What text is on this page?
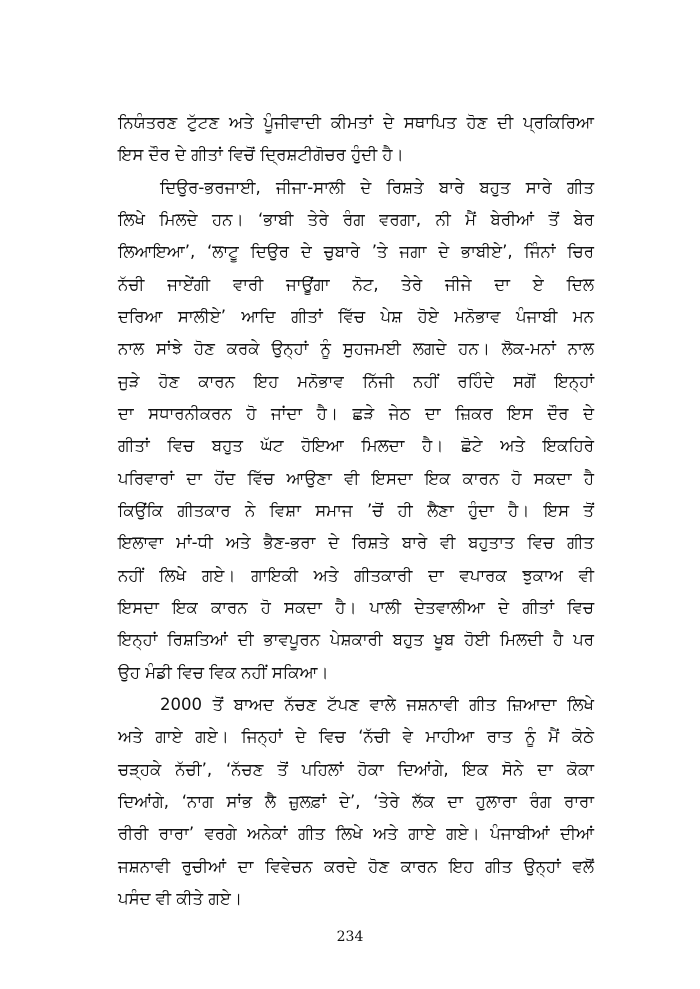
ਨਿਯੰਤਰਣ ਟੁੱਟਣ ਅਤੇ ਪੂੰਜੀਵਾਦੀ ਕੀਮਤਾਂ ਦੇ ਸਥਾਪਿਤ ਹੋਣ ਦੀ ਪ੍ਰਕਿਰਿਆ
ਇਸ ਦੌਰ ਦੇ ਗੀਤਾਂ ਵਿਚੋਂ ਦ੍ਰਿਸ਼ਟੀਗੋਚਰ ਹੁੰਦੀ ਹੈ।
ਦਿਉਰ-ਭਰਜਾਈ, ਜੀਜਾ-ਸਾਲੀ ਦੇ ਰਿਸ਼ਤੇ ਬਾਰੇ ਬਹੁਤ ਸਾਰੇ ਗੀਤ
ਲਿਖੇ ਮਿਲਦੇ ਹਨ। ‘ਭਾਬੀ ਤੇਰੇ ਰੰਗ ਵਰਗਾ, ਨੀ ਮੈਂ ਬੇਰੀਆਂ ਤੋਂ ਬੇਰ
ਲਿਆਇਆ’, ‘ਲਾਟੂ ਦਿਉਰ ਦੇ ਚੁਬਾਰੇ ’ਤੇ ਜਗਾ ਦੇ ਭਾਬੀਏ’, ਜਿੰਨਾਂ ਚਿਰ
ਨੱਚੀ ਜਾਏਂਗੀ ਵਾਰੀ ਜਾਊਂਗਾ ਨੋਟ, ਤੇਰੇ ਜੀਜੇ ਦਾ ਏ ਦਿਲ
ਦਰਿਆ ਸਾਲੀਏ’ ਆਦਿ ਗੀਤਾਂ ਵਿੱਚ ਪੇਸ਼ ਹੋਏ ਮਨੋਭਾਵ ਪੰਜਾਬੀ ਮਨ
ਨਾਲ ਸਾਂਝੇ ਹੋਣ ਕਰਕੇ ਉਨ੍ਹਾਂ ਨੂੰ ਸੁਹਜਮਈ ਲਗਦੇ ਹਨ। ਲੋਕ-ਮਨਾਂ ਨਾਲ
ਜੁੜੇ ਹੋਣ ਕਾਰਨ ਇਹ ਮਨੋਭਾਵ ਨਿੱਜੀ ਨਹੀਂ ਰਹਿੰਦੇ ਸਗੋਂ ਇਨ੍ਹਾਂ
ਦਾ ਸਧਾਰਨੀਕਰਨ ਹੋ ਜਾਂਦਾ ਹੈ। ਛੜੇ ਜੇਠ ਦਾ ਜ਼ਿਕਰ ਇਸ ਦੌਰ ਦੇ
ਗੀਤਾਂ ਵਿਚ ਬਹੁਤ ਘੱਟ ਹੋਇਆ ਮਿਲਦਾ ਹੈ। ਛੋਟੇ ਅਤੇ ਇਕਹਿਰੇ
ਪਰਿਵਾਰਾਂ ਦਾ ਹੋਂਦ ਵਿੱਚ ਆਉਣਾ ਵੀ ਇਸਦਾ ਇਕ ਕਾਰਨ ਹੋ ਸਕਦਾ ਹੈ
ਕਿਉਂਕਿ ਗੀਤਕਾਰ ਨੇ ਵਿਸ਼ਾ ਸਮਾਜ ’ਚੋਂ ਹੀ ਲੈਣਾ ਹੁੰਦਾ ਹੈ। ਇਸ ਤੋਂ
ਇਲਾਵਾ ਮਾਂ-ਧੀ ਅਤੇ ਭੈਣ-ਭਰਾ ਦੇ ਰਿਸ਼ਤੇ ਬਾਰੇ ਵੀ ਬਹੁਤਾਤ ਵਿਚ ਗੀਤ
ਨਹੀਂ ਲਿਖੇ ਗਏ। ਗਾਇਕੀ ਅਤੇ ਗੀਤਕਾਰੀ ਦਾ ਵਪਾਰਕ ਝੁਕਾਅ ਵੀ
ਇਸਦਾ ਇਕ ਕਾਰਨ ਹੋ ਸਕਦਾ ਹੈ। ਪਾਲੀ ਦੇਤਵਾਲੀਆ ਦੇ ਗੀਤਾਂ ਵਿਚ
ਇਨ੍ਹਾਂ ਰਿਸ਼ਤਿਆਂ ਦੀ ਭਾਵਪੂਰਨ ਪੇਸ਼ਕਾਰੀ ਬਹੁਤ ਖੂਬ ਹੋਈ ਮਿਲਦੀ ਹੈ ਪਰ
ਉਹ ਮੰਡੀ ਵਿਚ ਵਿਕ ਨਹੀਂ ਸਕਿਆ।
2000 ਤੋਂ ਬਾਅਦ ਨੱਚਣ ਟੱਪਣ ਵਾਲੇ ਜਸ਼ਨਾਵੀ ਗੀਤ ਜ਼ਿਆਦਾ ਲਿਖੇ
ਅਤੇ ਗਾਏ ਗਏ। ਜਿਨ੍ਹਾਂ ਦੇ ਵਿਚ ‘ਨੱਚੀ ਵੇ ਮਾਹੀਆ ਰਾਤ ਨੂੰ ਮੈਂ ਕੋਠੇ
ਚੜ੍ਹਕੇ ਨੱਚੀ’, ‘ਨੱਚਣ ਤੋਂ ਪਹਿਲਾਂ ਹੋਕਾ ਦਿਆਂਗੇ, ਇਕ ਸੋਨੇ ਦਾ ਕੋਕਾ
ਦਿਆਂਗੇ, ‘ਨਾਗ ਸਾਂਭ ਲੈ ਜ਼ੁਲਫ਼ਾਂ ਦੇ’, ‘ਤੇਰੇ ਲੱਕ ਦਾ ਹੁਲਾਰਾ ਰੰਗ ਰਾਰਾ
ਰੀਰੀ ਰਾਰਾ’ ਵਰਗੇ ਅਨੇਕਾਂ ਗੀਤ ਲਿਖੇ ਅਤੇ ਗਾਏ ਗਏ। ਪੰਜਾਬੀਆਂ ਦੀਆਂ
ਜਸ਼ਨਾਵੀ ਰੁਚੀਆਂ ਦਾ ਵਿਵੇਚਨ ਕਰਦੇ ਹੋਣ ਕਾਰਨ ਇਹ ਗੀਤ ਉਨ੍ਹਾਂ ਵਲੋਂ
ਪਸੰਦ ਵੀ ਕੀਤੇ ਗਏ।
234
